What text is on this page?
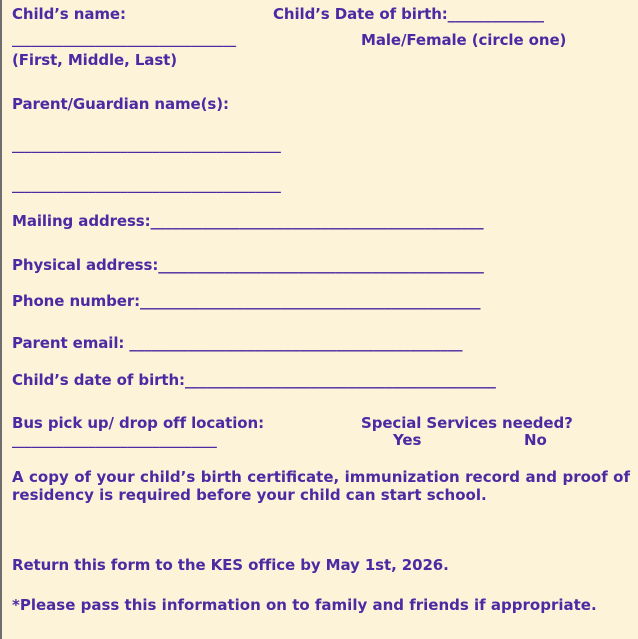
Child’s name:	Child’s Date of birth:_____________
___________________________________	Male/Female (circle one)
(First, Middle, Last)
Parent/Guardian name(s):
__________________________________________
__________________________________________
Mailing address:_____________________________________________
Physical address:____________________________________________
Phone number:______________________________________________
Parent email: _____________________________________________
Child’s date of birth:__________________________________________
Bus pick up/ drop off location:	Special Services needed?
________________________________	Yes	No
A copy of your child’s birth certificate, immunization record and proof of residency is required before your child can start school.
Return this form to the KES office by May 1st, 2026.
*Please pass this information on to family and friends if appropriate.
